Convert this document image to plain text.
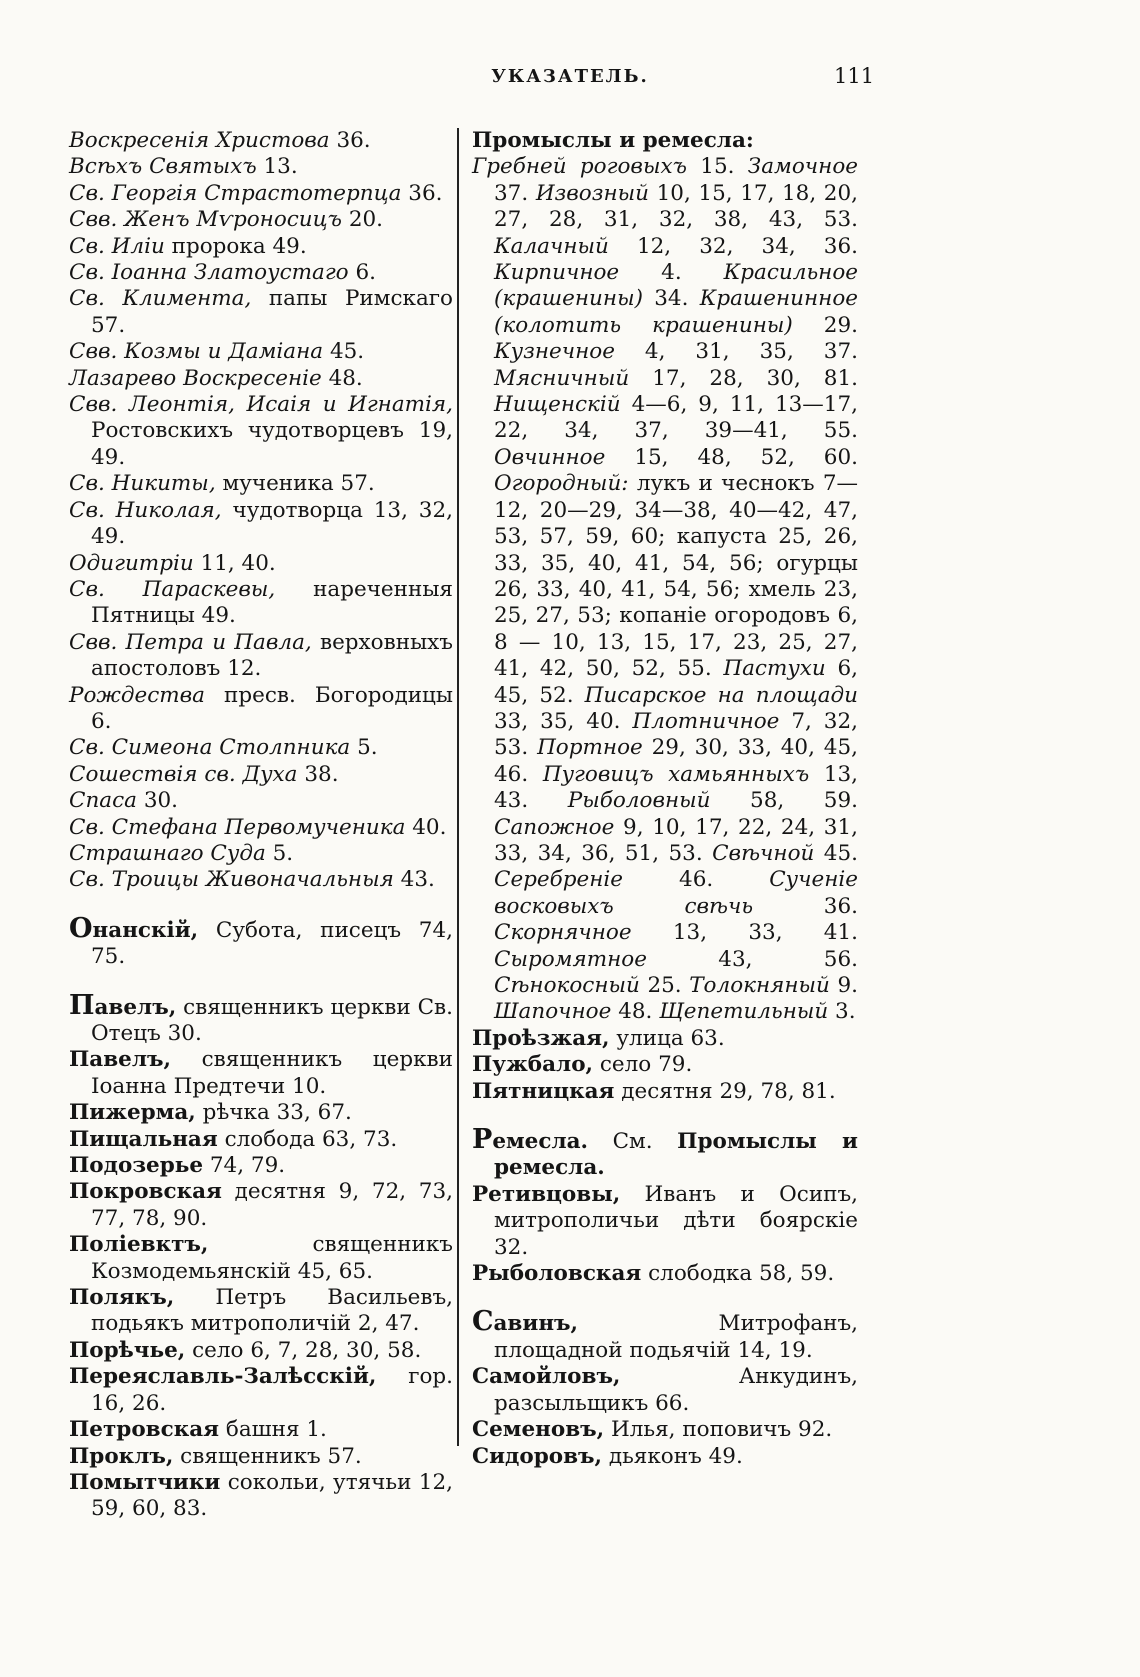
УКАЗАТЕЛЬ.	111

Воскресенія Христова 36.

Всѣхъ Святыхъ 13.

Св. Георгія Страстотерпца 36.

Свв. Женъ Мѵроносицъ 20.

Св. Иліи пророка 49.

Св. Іоанна Златоустаго 6.

Св. Климента, папы Римскаго 57.

Свв. Козмы и Даміана 45.

Лазарево Воскресеніе 48.

Свв. Леонтія, Исаія и Игнатія, Ростовскихъ чудотворцевъ 19, 49.

Св. Никиты, мученика 57.

Св. Николая, чудотворца 13, 32, 49.

Одигитріи 11, 40.

Св. Параскевы, нареченныя Пятницы 49.

Свв. Петра и Павла, верховныхъ апостоловъ 12.

Рождества пресв. Богородицы 6.

Св. Симеона Столпника 5.

Сошествія св. Духа 38.

Спаса 30.

Св. Стефана Первомученика 40.

Страшнаго Суда 5.

Св. Троицы Живоначальныя 43.

Онанскій, Субота, писецъ 74, 75.

Павелъ, священникъ церкви Св. Отецъ 30.

Павелъ, священникъ церкви Іоанна Предтечи 10.

Пижерма, рѣчка 33, 67.

Пищальная слобода 63, 73.

Подозерье 74, 79.

Покровская десятня 9, 72, 73, 77, 78, 90.

Поліевктъ, священникъ Козмодемьянскій 45, 65.

Полякъ, Петръ Васильевъ, подьякъ митрополичій 2, 47.

Порѣчье, село 6, 7, 28, 30, 58.

Переяславль-Залѣсскій, гор. 16, 26.

Петровская башня 1.

Проклъ, священникъ 57.

Помытчики сокольи, утячьи 12, 59, 60, 83.

Промыслы и ремесла:

Гребней роговыхъ 15. Замочное 37. Извозный 10, 15, 17, 18, 20, 27, 28, 31, 32, 38, 43, 53. Калачный 12, 32, 34, 36. Кирпичное 4. Красильное (крашенины) 34. Крашенинное (колотить крашенины) 29. Кузнечное 4, 31, 35, 37. Мясничный 17, 28, 30, 81. Нищенскій 4—6, 9, 11, 13—17, 22, 34, 37, 39—41, 55. Овчинное 15, 48, 52, 60. Огородный: лукъ и чеснокъ 7—12, 20—29, 34—38, 40—42, 47, 53, 57, 59, 60; капуста 25, 26, 33, 35, 40, 41, 54, 56; огурцы 26, 33, 40, 41, 54, 56; хмель 23, 25, 27, 53; копаніе огородовъ 6, 8 — 10, 13, 15, 17, 23, 25, 27, 41, 42, 50, 52, 55. Пастухи 6, 45, 52. Писарское на площади 33, 35, 40. Плотничное 7, 32, 53. Портное 29, 30, 33, 40, 45, 46. Пуговицъ хамьянныхъ 13, 43. Рыболовный 58, 59. Сапожное 9, 10, 17, 22, 24, 31, 33, 34, 36, 51, 53. Свѣчной 45. Серебреніе 46. Сученіе восковыхъ свѣчь 36. Скорнячное 13, 33, 41. Сыромятное 43, 56. Сѣнокосный 25. Толокняный 9. Шапочное 48. Щепетильный 3.

Проѣзжая, улица 63.

Пужбало, село 79.

Пятницкая десятня 29, 78, 81.

Ремесла. См. Промыслы и ремесла.

Ретивцовы, Иванъ и Осипъ, митрополичьи дѣти боярскіе 32.

Рыболовская слободка 58, 59.

Савинъ, Митрофанъ, площадной подьячій 14, 19.

Самойловъ, Анкудинъ, разсыльщикъ 66.

Семеновъ, Илья, поповичъ 92.

Сидоровъ, дьяконъ 49.
